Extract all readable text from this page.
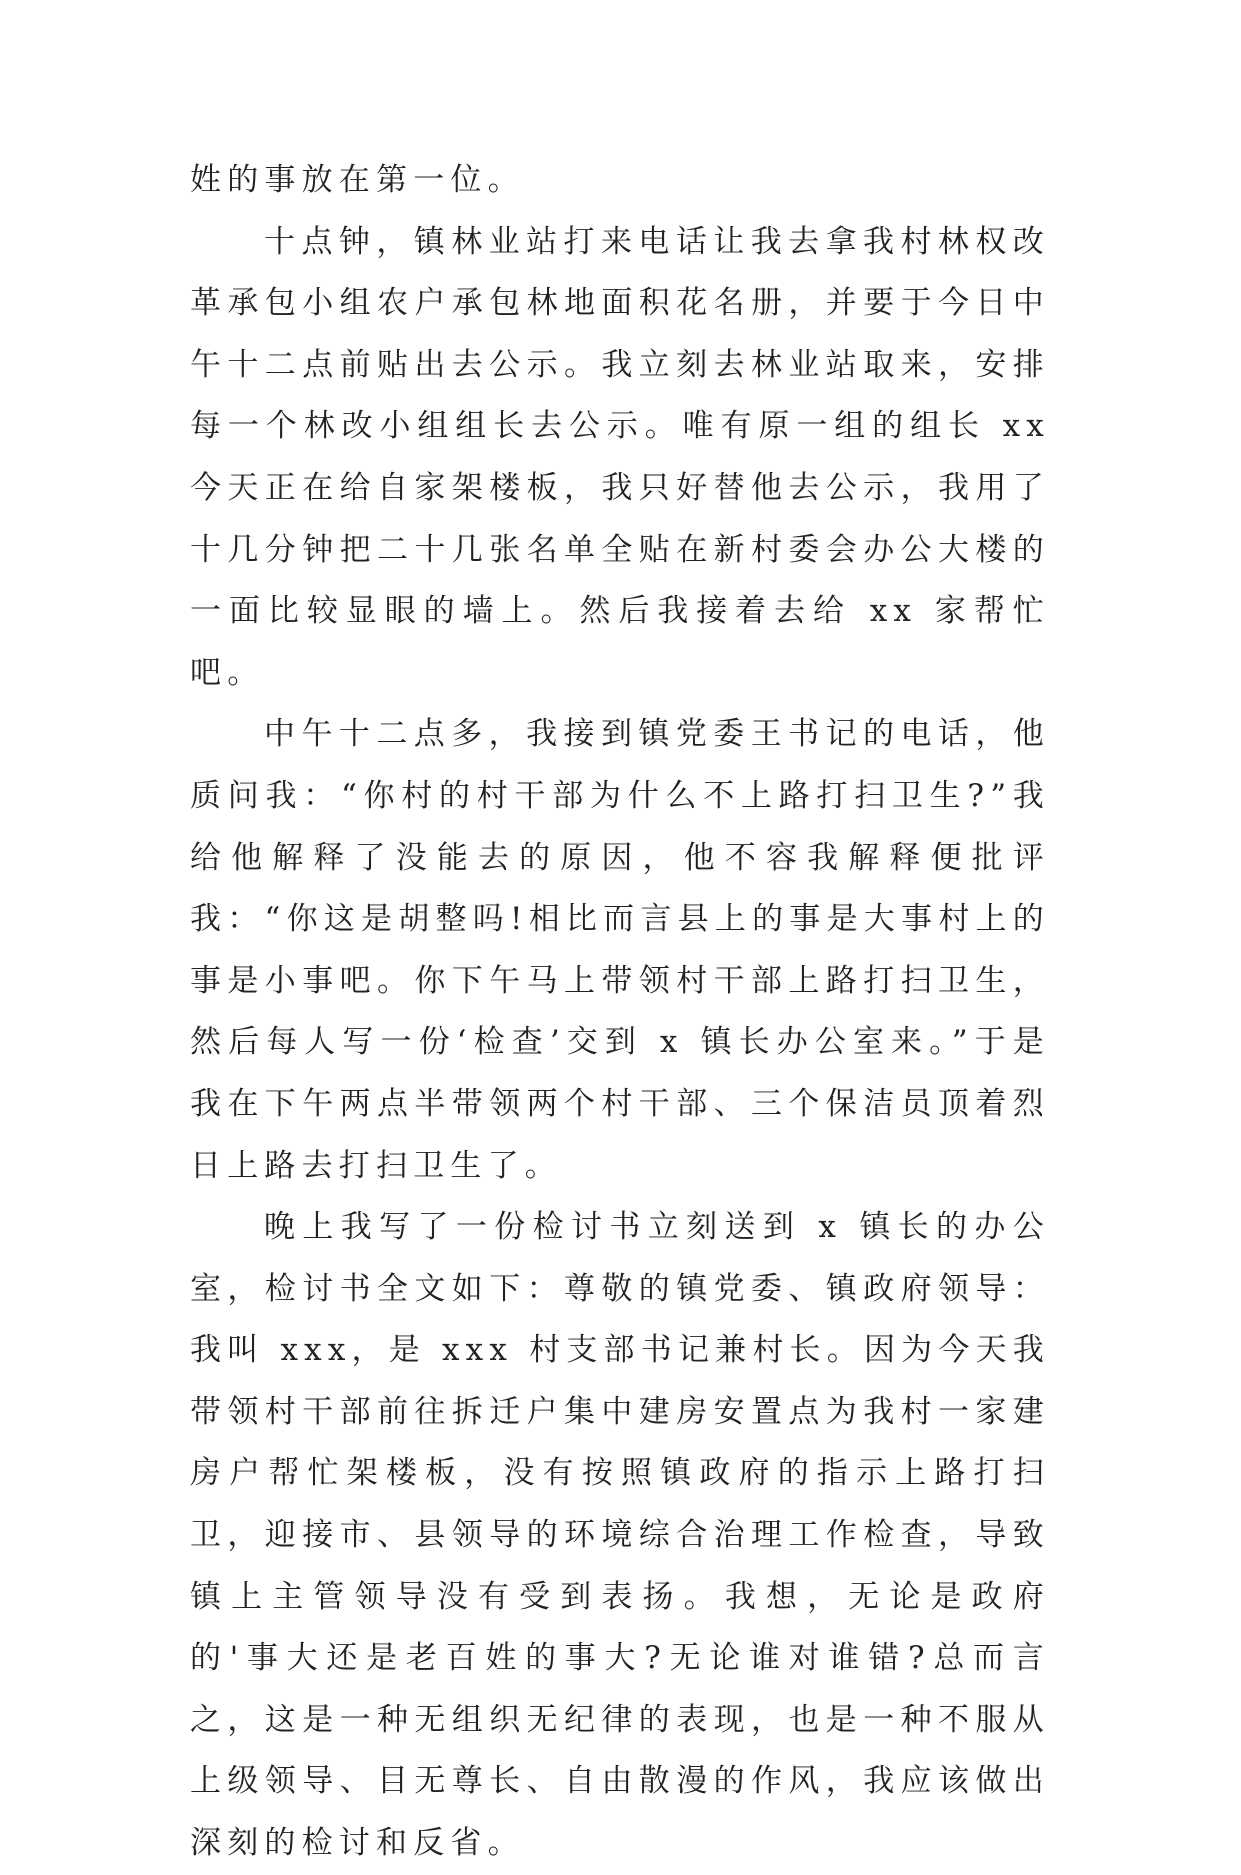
姓的事放在第一位。

十点钟，镇林业站打来电话让我去拿我村林权改革承包小组农户承包林地面积花名册，并要于今日中午十二点前贴出去公示。我立刻去林业站取来，安排每一个林改小组组长去公示。唯有原一组的组长 xx 今天正在给自家架楼板，我只好替他去公示，我用了十几分钟把二十几张名单全贴在新村委会办公大楼的一面比较显眼的墙上。然后我接着去给 xx 家帮忙吧。

中午十二点多，我接到镇党委王书记的电话，他质问我：“你村的村干部为什么不上路打扫卫生?”我给他解释了没能去的原因，他不容我解释便批评我：“你这是胡整吗!相比而言县上的事是大事村上的事是小事吧。你下午马上带领村干部上路打扫卫生，然后每人写一份‘检查’交到 x 镇长办公室来。”于是我在下午两点半带领两个村干部、三个保洁员顶着烈日上路去打扫卫生了。

晚上我写了一份检讨书立刻送到 x 镇长的办公室，检讨书全文如下：尊敬的镇党委、镇政府领导：我叫 xxx，是 xxx 村支部书记兼村长。因为今天我带领村干部前往拆迁户集中建房安置点为我村一家建房户帮忙架楼板，没有按照镇政府的指示上路打扫卫，迎接市、县领导的环境综合治理工作检查，导致镇上主管领导没有受到表扬。我想，无论是政府的'事大还是老百姓的事大?无论谁对谁错?总而言之，这是一种无组织无纪律的表现，也是一种不服从上级领导、目无尊长、自由散漫的作风，我应该做出深刻的检讨和反省。
